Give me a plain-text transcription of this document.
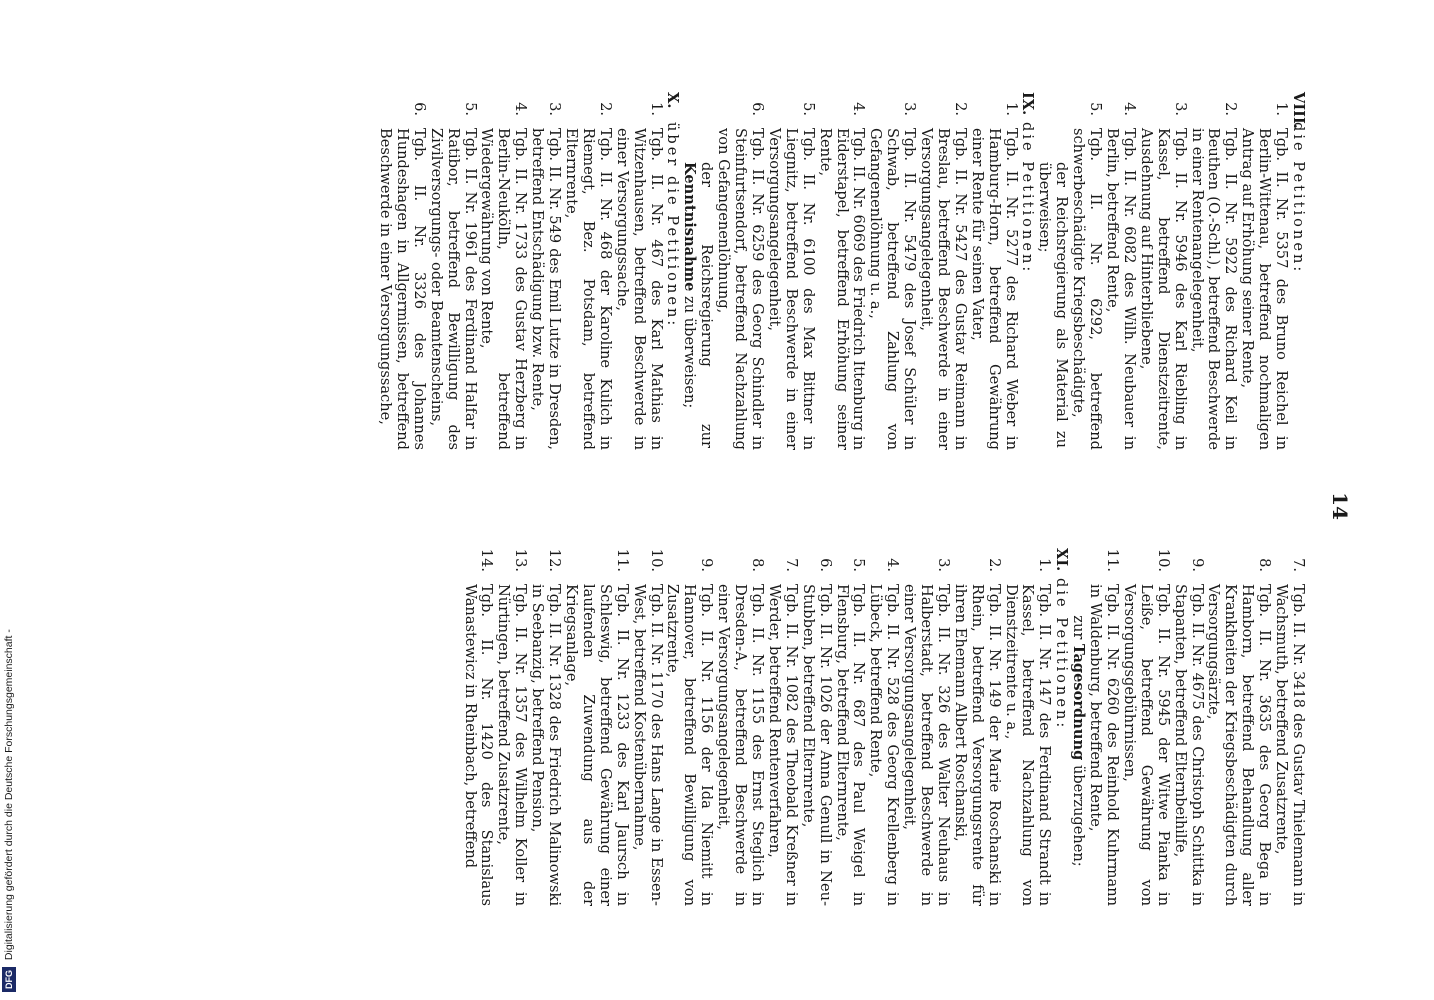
14
VIII.
die Petitionen:
1.
Tgb. II. Nr. 5357 des Bruno Reichel in Berlin-Wittenau, betreffend nochmaligen Antrag auf Erhöhung seiner Rente,
2.
Tgb. II. Nr. 5922 des Richard Keil in Beuthen (O.-Schl.), betreffend Beschwerde in einer Rentenangelegenheit,
3.
Tgb. II. Nr. 5946 des Karl Riebling in Kassel, betreffend Dienstzeitrente, Ausdehnung auf Hinterbliebene,
4.
Tgb. II. Nr. 6082 des Wilh. Neubauer in Berlin, betreffend Rente,
5.
Tgb. II. Nr. 6292, betreffend schwerbeschädigte Kriegsbeschädigte,
der Reichsregierung als Material zu überweisen;
IX.
die Petitionen:
1.
Tgb. II. Nr. 5277 des Richard Weber in Hamburg-Horn, betreffend Gewährung einer Rente für seinen Vater,
2.
Tgb. II. Nr. 5427 des Gustav Reimann in Breslau, betreffend Beschwerde in einer Versorgungsangelegenheit,
3.
Tgb. II. Nr. 5479 des Josef Schüler in Schwab, betreffend Zahlung von Gefangenenlöhnung u. a.,
4.
Tgb. II. Nr. 6069 des Friedrich Ittenburg in Eiderstapel, betreffend Erhöhung seiner Rente,
5.
Tgb. II. Nr. 6100 des Max Bittner in Liegnitz, betreffend Beschwerde in einer Versorgungsangelegenheit,
6.
Tgb. II. Nr. 6259 des Georg Schindler in Steinfurtsendorf, betreffend Nachzahlung von Gefangenenlöhnung,
der Reichsregierung zur Kenntnisnahme zu überweisen;
X.
über die Petitionen:
1.
Tgb. II. Nr. 467 des Karl Mathias in Witzenhausen, betreffend Beschwerde in einer Versorgungssache,
2.
Tgb. II. Nr. 468 der Karoline Kulich in Riemegt, Bez. Potsdam, betreffend Elternrente,
3.
Tgb. II. Nr. 549 des Emil Lutze in Dresden, betreffend Entschädigung bzw. Rente,
4.
Tgb. II. Nr. 1733 des Gustav Herzberg in Berlin-Neukölln, betreffend Wiedergewährung von Rente,
5.
Tgb. II. Nr. 1961 des Ferdinand Halfar in Ratibor, betreffend Bewilligung des Zivilversorgungs- oder Beamtenscheins,
6.
Tgb. II. Nr. 3326 des Johannes Hundeshagen in Allgermissen, betreffend Beschwerde in einer Versorgungssache,
7.
Tgb. II. Nr. 3418 des Gustav Thielemann in Wachsmuth, betreffend Zusatzrente,
8.
Tgb. II. Nr. 3635 des Georg Bega in Hamborn, betreffend Behandlung aller Krankheiten der Kriegsbeschädigten durch Versorgungsärzte,
9.
Tgb. II. Nr. 4675 des Christoph Schittka in Stapanten, betreffend Elternbeihilfe,
10.
Tgb. II. Nr. 5945 der Witwe Pianka in Leiße, betreffend Gewährung von Versorgungsgebührnissen,
11.
Tgb. II. Nr. 6260 des Reinhold Kuhrmann in Waldenburg, betreffend Rente,
zur Tagesordnung überzugehen;
XI.
die Petitionen:
1.
Tgb. II. Nr. 147 des Ferdinand Strandt in Kassel, betreffend Nachzahlung von Dienstzeitrente u. a.,
2.
Tgb. II. Nr. 149 der Marie Roschanski in Rhein, betreffend Versorgungsrente für ihren Ehemann Albert Roschanski,
3.
Tgb. II. Nr. 326 des Walter Neuhaus in Halberstadt, betreffend Beschwerde in einer Versorgungsangelegenheit,
4.
Tgb. II. Nr. 528 des Georg Krellenberg in Lübeck, betreffend Rente,
5.
Tgb. II. Nr. 687 des Paul Weigel in Flensburg, betreffend Elternrente,
6.
Tgb. II. Nr. 1026 der Anna Genull in Neu-Stubben, betreffend Elternrente,
7.
Tgb. II. Nr. 1082 des Theobald Kreßner in Werder, betreffend Rentenverfahren,
8.
Tgb. II. Nr. 1155 des Ernst Steglich in Dresden-A., betreffend Beschwerde in einer Versorgungsangelegenheit,
9.
Tgb. II. Nr. 1156 der Ida Niemitt in Hannover, betreffend Bewilligung von Zusatzrente,
10.
Tgb. II. Nr. 1170 des Hans Lange in Essen-West, betreffend Kostenübernahme,
11.
Tgb. II. Nr. 1233 des Karl Jaursch in Schleswig, betreffend Gewährung einer laufenden Zuwendung aus der Kriegsanlage,
12.
Tgb. II. Nr. 1328 des Friedrich Malinowski in Seebanzig, betreffend Pension,
13.
Tgb. II. Nr. 1357 des Wilhelm Koller in Nürtingen, betreffend Zusatzrente,
14.
Tgb. II. Nr. 1420 des Stanislaus Wanastewicz in Rheinbach, betreffend
DFG Digitalisierung gefördert durch die Deutsche Forschungsgemeinschaft -
